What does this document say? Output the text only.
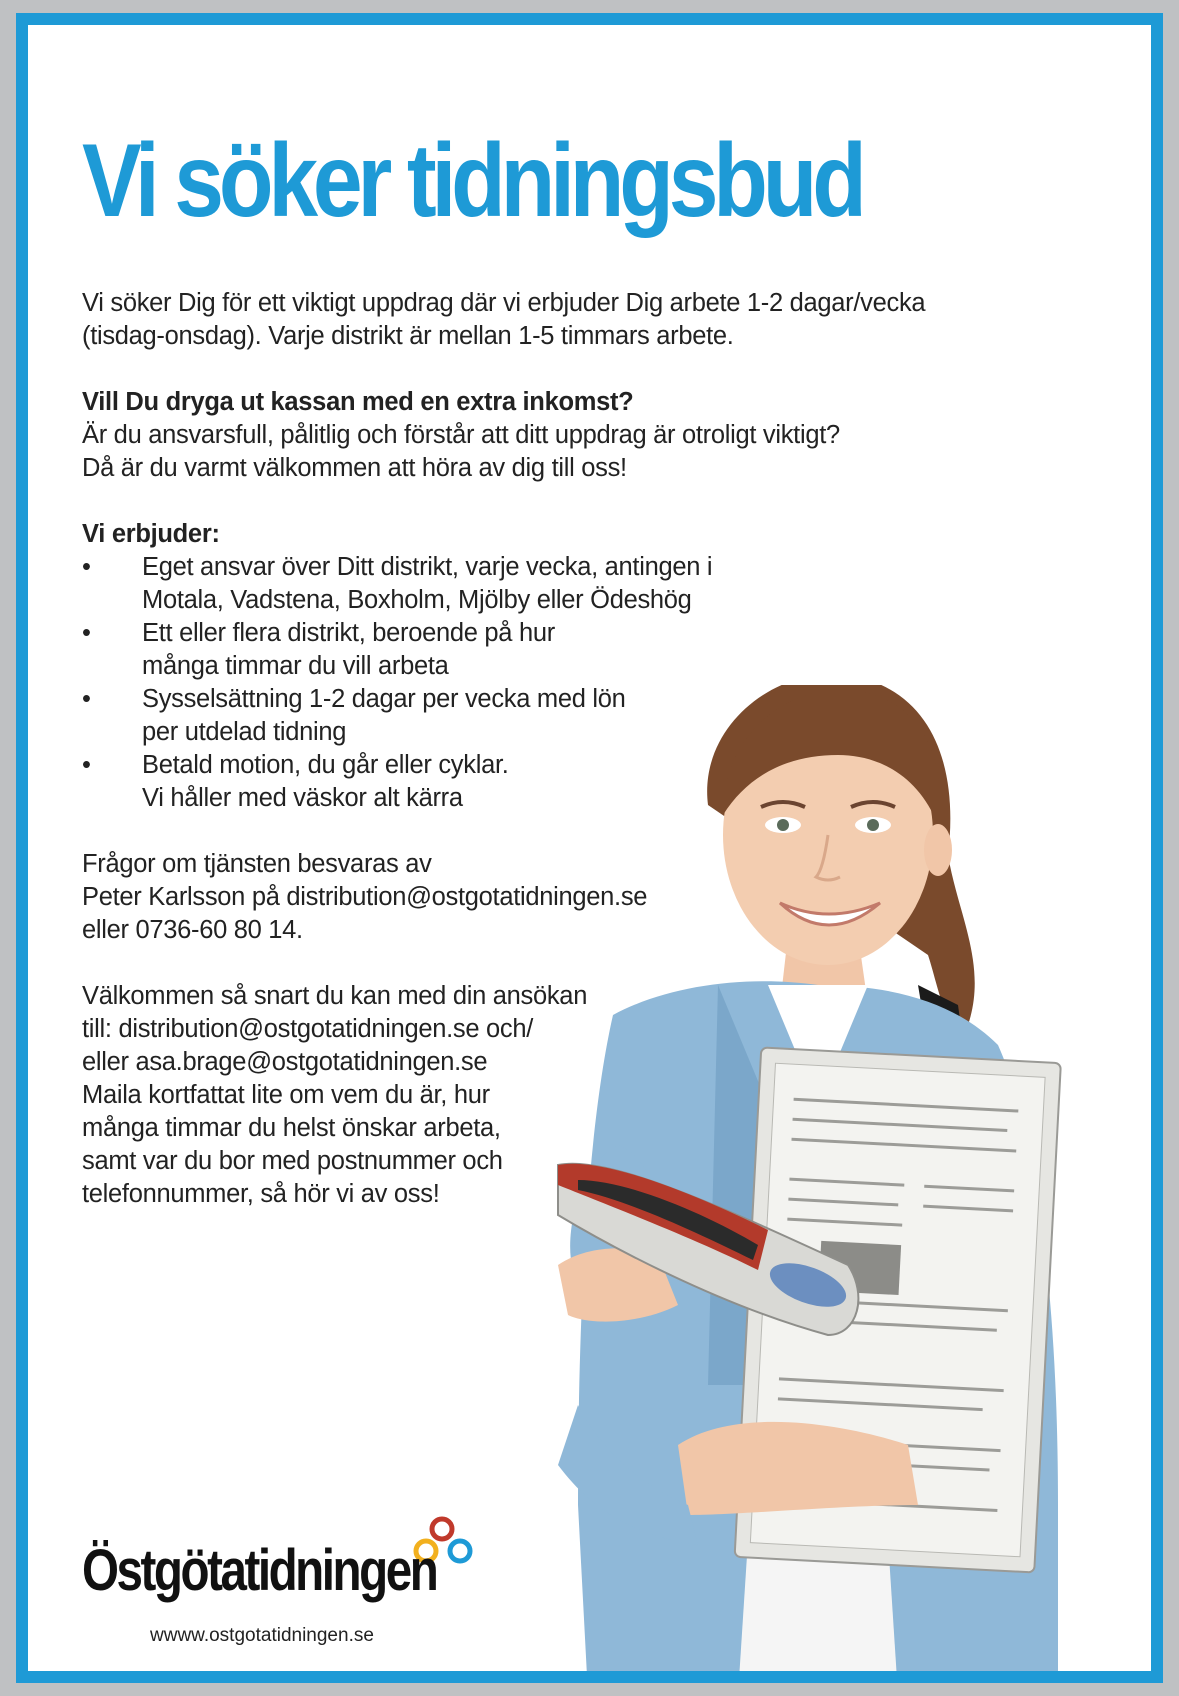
Vi söker tidningsbud

Vi söker Dig för ett viktigt uppdrag där vi erbjuder Dig arbete 1-2 dagar/vecka

(tisdag-onsdag). Varje distrikt är mellan 1-5 timmars arbete.

Vill Du dryga ut kassan med en extra inkomst?

Är du ansvarsfull, pålitlig och förstår att ditt uppdrag är otroligt viktigt?

Då är du varmt välkommen att höra av dig till oss!

Vi erbjuder:

• Eget ansvar över Ditt distrikt, varje vecka, antingen i
Motala, Vadstena, Boxholm, Mjölby eller Ödeshög
• Ett eller flera distrikt, beroende på hur
många timmar du vill arbeta
• Sysselsättning 1-2 dagar per vecka med lön
per utdelad tidning
• Betald motion, du går eller cyklar.
Vi håller med väskor alt kärra

Frågor om tjänsten besvaras av

Peter Karlsson på distribution@ostgotatidningen.se

eller 0736-60 80 14.

Välkommen så snart du kan med din ansökan

till: distribution@ostgotatidningen.se och/

eller asa.brage@ostgotatidningen.se

Maila kortfattat lite om vem du är, hur

många timmar du helst önskar arbeta,

samt var du bor med postnummer och

telefonnummer, så hör vi av oss!

Östgötatidningen
wwww.ostgotatidningen.se
